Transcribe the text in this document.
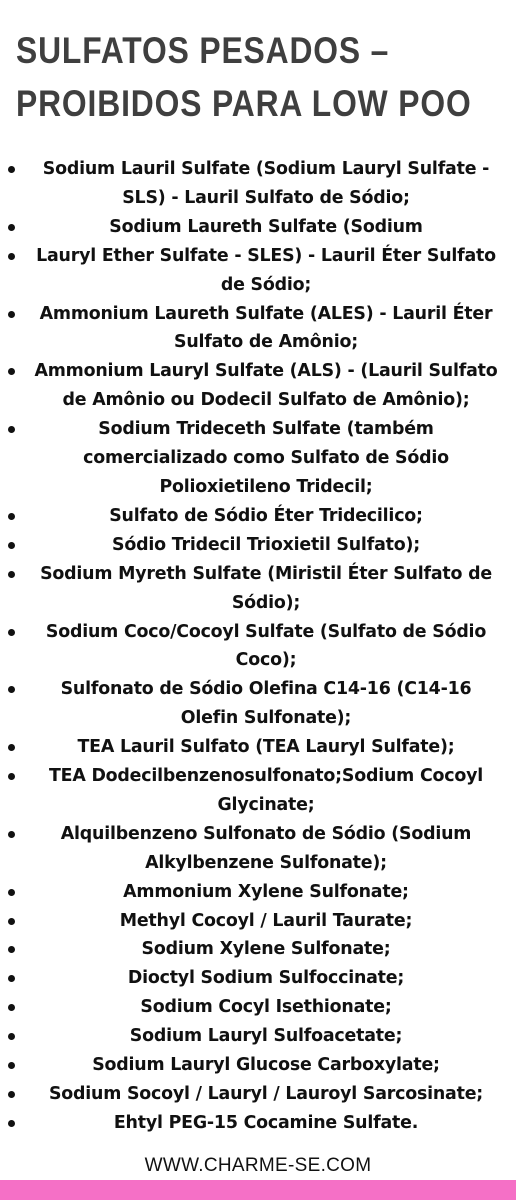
SULFATOS PESADOS –
PROIBIDOS PARA LOW POO
Sodium Lauril Sulfate (Sodium Lauryl Sulfate - SLS) - Lauril Sulfato de Sódio;
Sodium Laureth Sulfate (Sodium
Lauryl Ether Sulfate - SLES) - Lauril Éter Sulfato de Sódio;
Ammonium Laureth Sulfate (ALES) - Lauril Éter Sulfato de Amônio;
Ammonium Lauryl Sulfate (ALS) - (Lauril Sulfato de Amônio ou Dodecil Sulfato de Amônio);
Sodium Trideceth Sulfate (também comercializado como Sulfato de Sódio Polioxietileno Tridecil;
Sulfato de Sódio Éter Tridecilico;
Sódio Tridecil Trioxietil Sulfato);
Sodium Myreth Sulfate (Miristil Éter Sulfato de Sódio);
Sodium Coco/Cocoyl Sulfate (Sulfato de Sódio Coco);
Sulfonato de Sódio Olefina C14-16 (C14-16 Olefin Sulfonate);
TEA Lauril Sulfato (TEA Lauryl Sulfate);
TEA Dodecilbenzenosulfonato;Sodium Cocoyl Glycinate;
Alquilbenzeno Sulfonato de Sódio (Sodium Alkylbenzene Sulfonate);
Ammonium Xylene Sulfonate;
Methyl Cocoyl / Lauril Taurate;
Sodium Xylene Sulfonate;
Dioctyl Sodium Sulfoccinate;
Sodium Cocyl Isethionate;
Sodium Lauryl Sulfoacetate;
Sodium Lauryl Glucose Carboxylate;
Sodium Socoyl / Lauryl / Lauroyl Sarcosinate;
Ehtyl PEG-15 Cocamine Sulfate.
WWW.CHARME-SE.COM
